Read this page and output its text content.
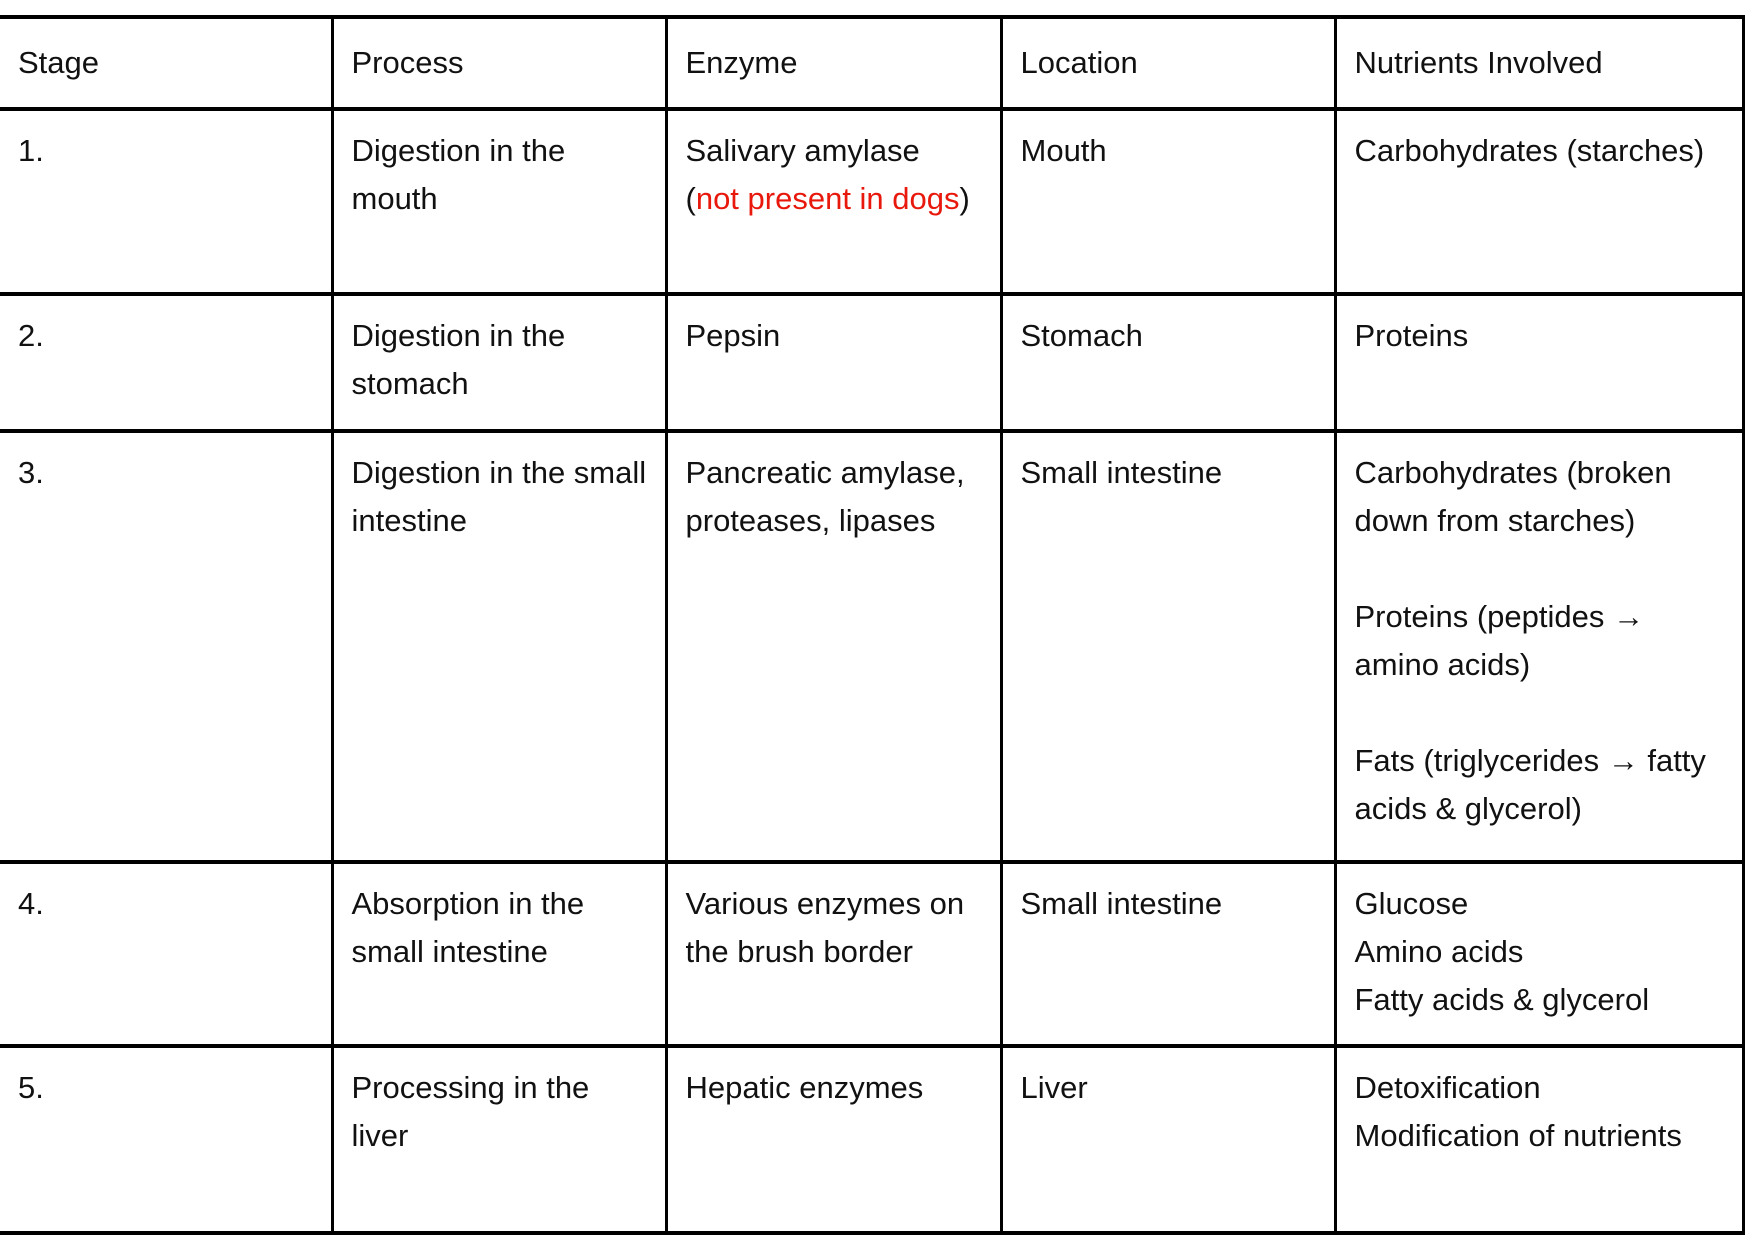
Stage	Process	Enzyme	Location	Nutrients Involved
1.	Digestion in the mouth	Salivary amylase (not present in dogs)	Mouth	Carbohydrates (starches)

2.	Digestion in the stomach	Pepsin	Stomach	Proteins

3.	Digestion in the small intestine	Pancreatic amylase, proteases, lipases	Small intestine	Carbohydrates (broken down from starches)
Proteins (peptides → amino acids)
Fats (triglycerides → fatty acids & glycerol)

4.	Absorption in the small intestine	Various enzymes on the brush border	Small intestine	Glucose
Amino acids
Fatty acids & glycerol

5.	Processing in the liver	Hepatic enzymes	Liver	Detoxification
Modification of nutrients
